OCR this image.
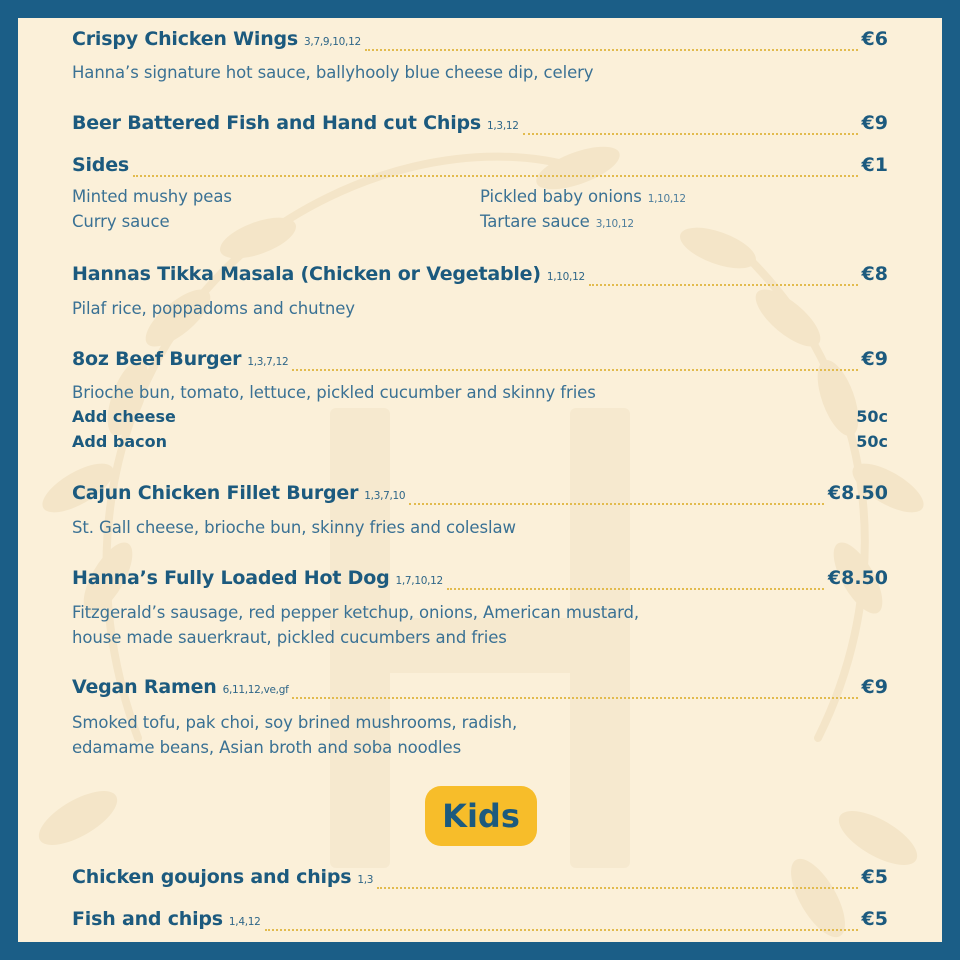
Crispy Chicken Wings 3,7,9,10,12	€6
Hanna’s signature hot sauce, ballyhooly blue cheese dip, celery
Beer Battered Fish and Hand cut Chips 1,3,12	€9
Sides	€1
Minted mushy peas	Pickled baby onions 1,10,12
Curry sauce	Tartare sauce 3,10,12
Hannas Tikka Masala (Chicken or Vegetable) 1,10,12	€8
Pilaf rice, poppadoms and chutney
8oz Beef Burger 1,3,7,12	€9
Brioche bun, tomato, lettuce, pickled cucumber and skinny fries
Add cheese	50c
Add bacon	50c
Cajun Chicken Fillet Burger 1,3,7,10	€8.50
St. Gall cheese, brioche bun, skinny fries and coleslaw
Hanna’s Fully Loaded Hot Dog 1,7,10,12	€8.50
Fitzgerald’s sausage, red pepper ketchup, onions, American mustard,
house made sauerkraut, pickled cucumbers and fries
Vegan Ramen 6,11,12,ve,gf	€9
Smoked tofu, pak choi, soy brined mushrooms, radish,
edamame beans, Asian broth and soba noodles
Kids
Chicken goujons and chips 1,3	€5
Fish and chips 1,4,12	€5
